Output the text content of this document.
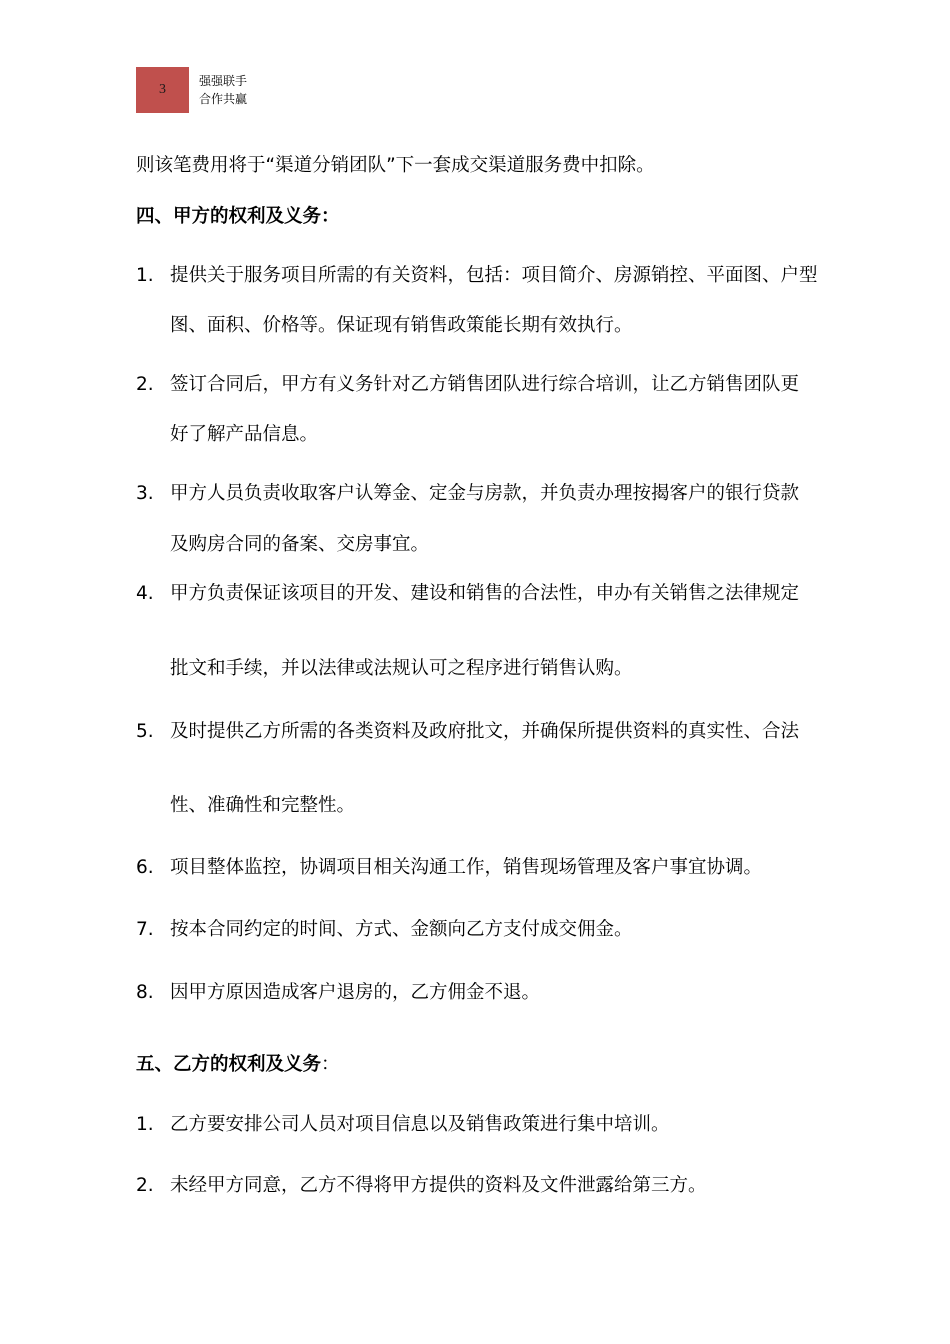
3
强强联手
合作共赢
则该笔费用将于“渠道分销团队”下一套成交渠道服务费中扣除。
四、甲方的权利及义务：
1. 提供关于服务项目所需的有关资料，包括：项目简介、房源销控、平面图、户型
图、面积、价格等。保证现有销售政策能长期有效执行。
2. 签订合同后，甲方有义务针对乙方销售团队进行综合培训，让乙方销售团队更
好了解产品信息。
3. 甲方人员负责收取客户认筹金、定金与房款，并负责办理按揭客户的银行贷款
及购房合同的备案、交房事宜。
4. 甲方负责保证该项目的开发、建设和销售的合法性，申办有关销售之法律规定
批文和手续，并以法律或法规认可之程序进行销售认购。
5. 及时提供乙方所需的各类资料及政府批文，并确保所提供资料的真实性、合法
性、准确性和完整性。
6. 项目整体监控，协调项目相关沟通工作，销售现场管理及客户事宜协调。
7. 按本合同约定的时间、方式、金额向乙方支付成交佣金。
8. 因甲方原因造成客户退房的，乙方佣金不退。
五、乙方的权利及义务：
1. 乙方要安排公司人员对项目信息以及销售政策进行集中培训。
2. 未经甲方同意，乙方不得将甲方提供的资料及文件泄露给第三方。
